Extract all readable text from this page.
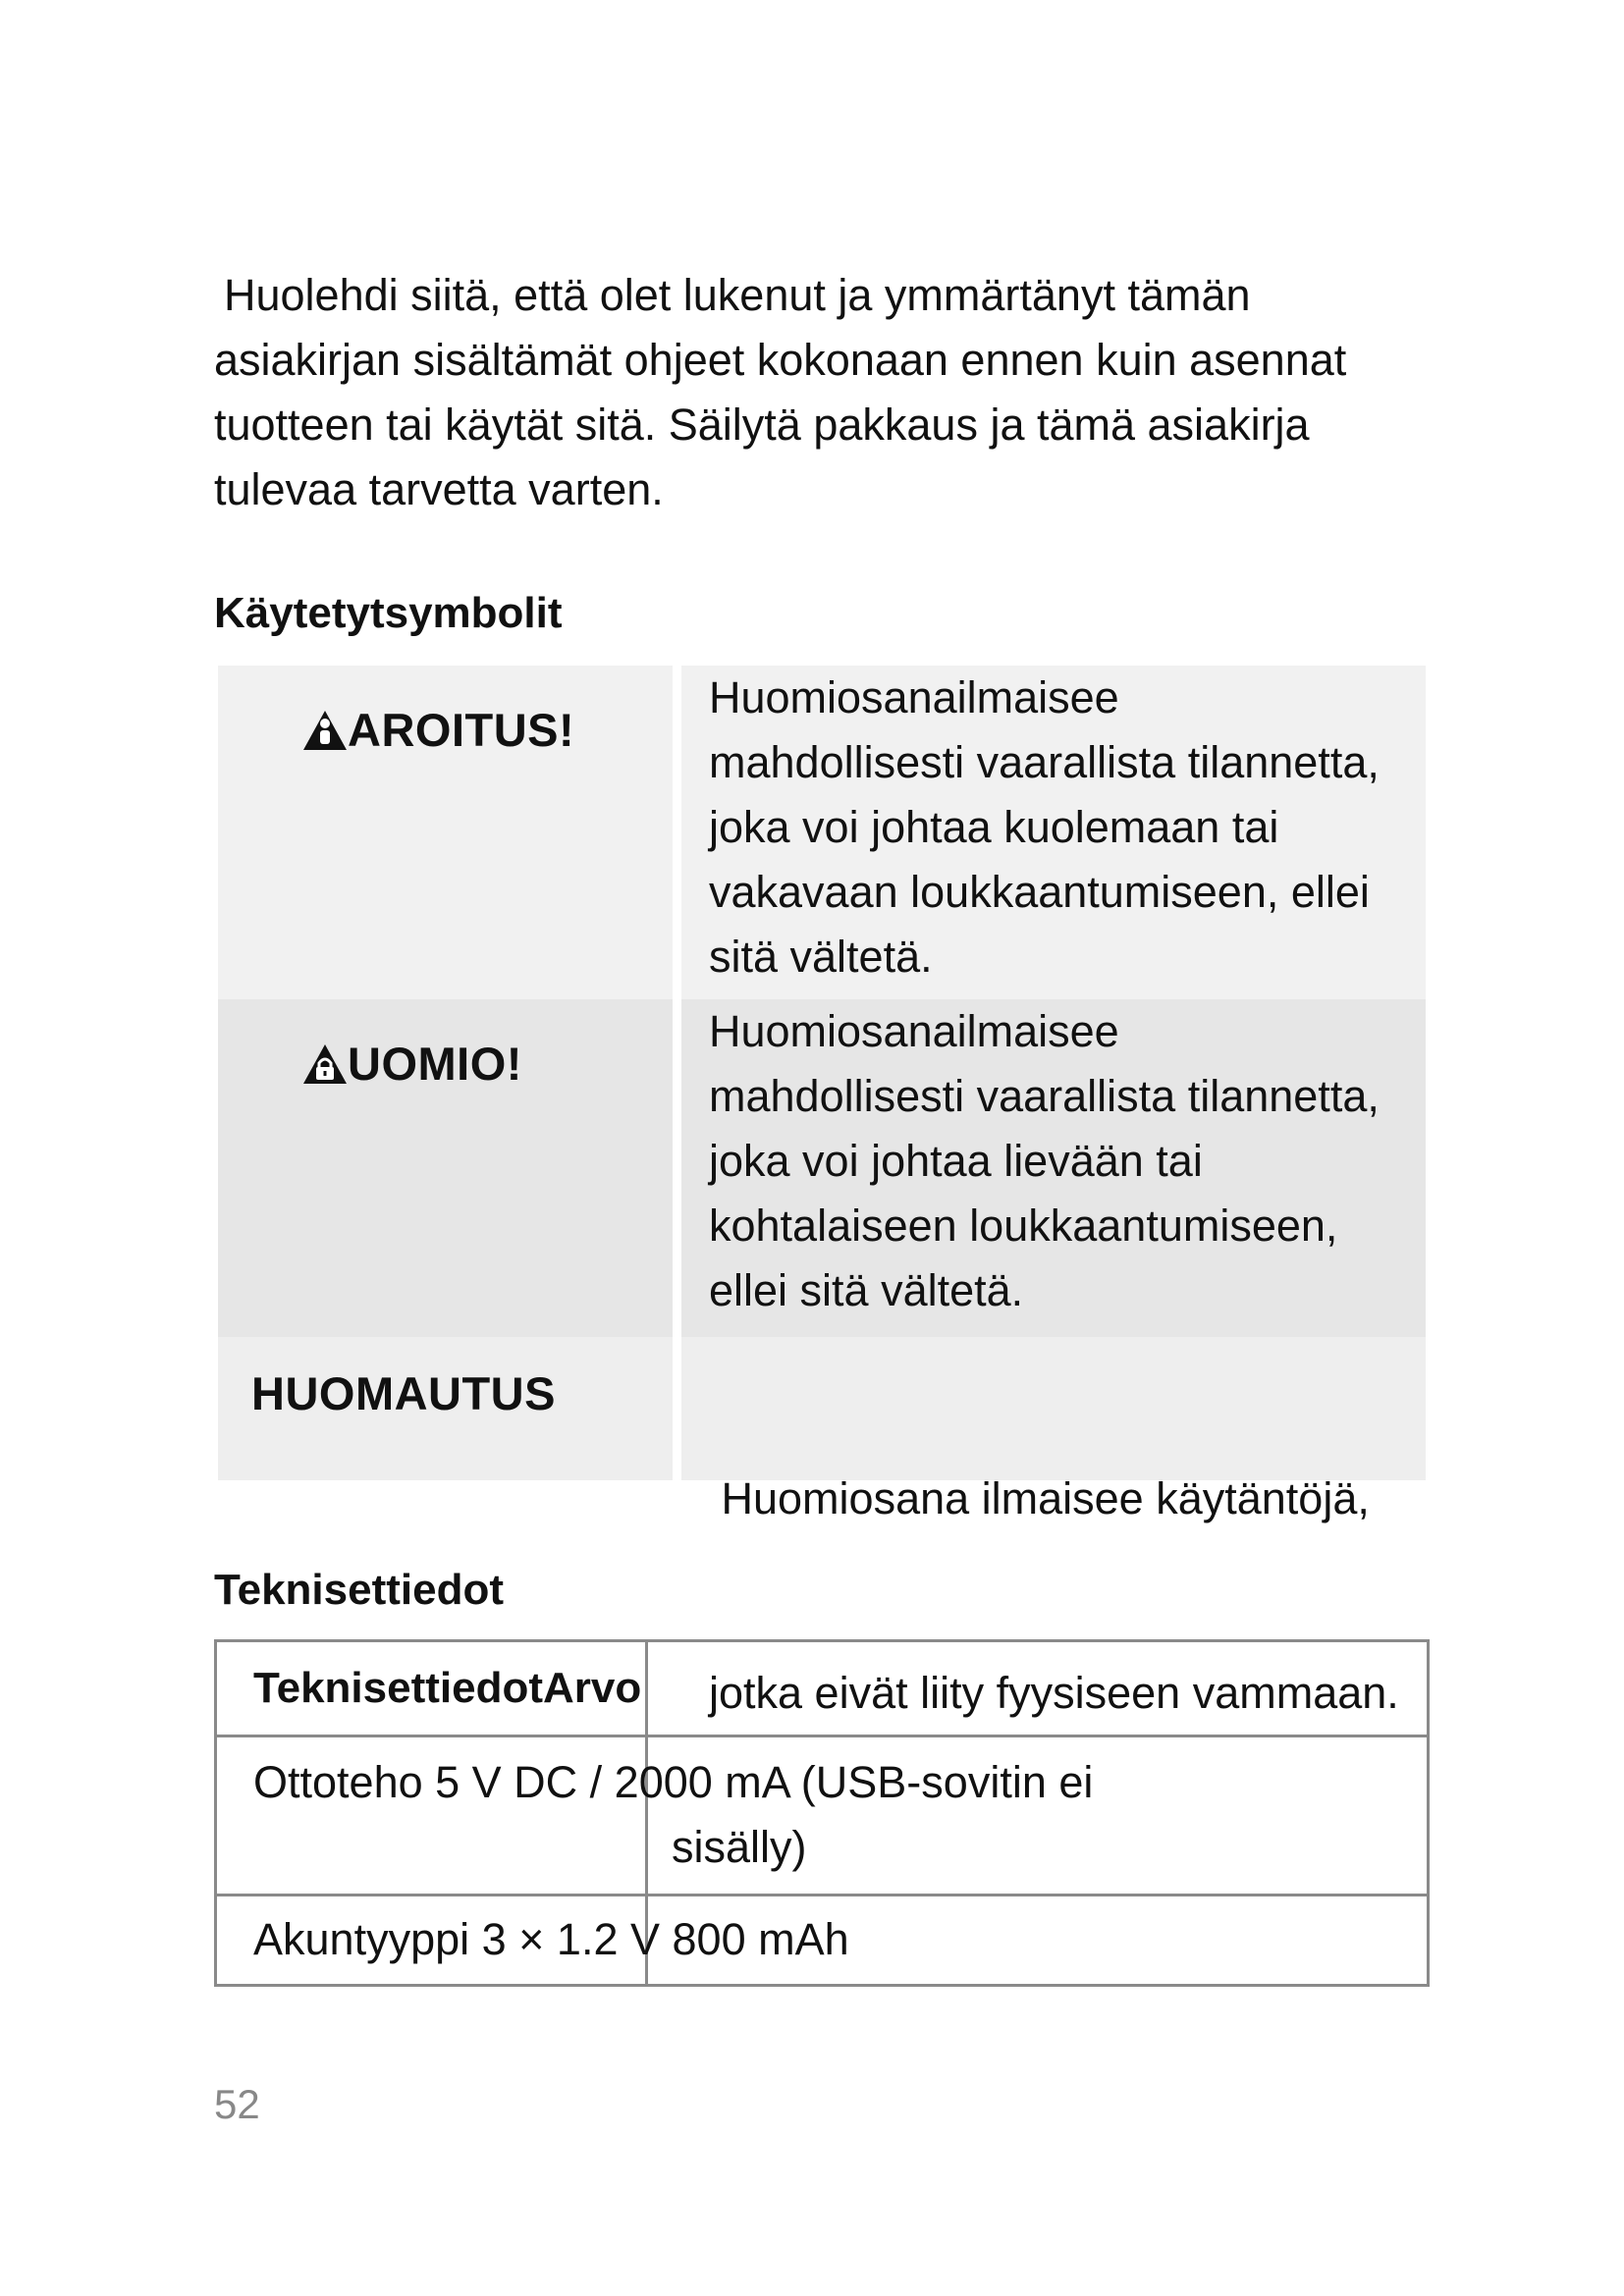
Huolehdi siitä, että olet lukenut ja ymmärtänyt tämän
asiakirjan sisältämät ohjeet kokonaan ennen kuin asennat
tuotteen tai käytät sitä. Säilytä pakkaus ja tämä asiakirja
tulevaa tarvetta varten.
Käytetytsymbolit
AROITUS!

Huomiosanailmaisee
mahdollisesti vaarallista tilannetta,
joka voi johtaa kuolemaan tai
vakavaan loukkaantumiseen, ellei
sitä vältetä.

UOMIO!

Huomiosanailmaisee
mahdollisesti vaarallista tilannetta,
joka voi johtaa lievään tai
kohtalaiseen loukkaantumiseen,
ellei sitä vältetä.

HUOMAUTUS

Huomiosana ilmaisee käytäntöjä,

jotka eivät liity fyysiseen vammaan.

Teknisettiedot
TeknisettiedotArvo
Ottoteho 5 V DC / 2000 mA (USB-sovitin ei
sisälly)
Akuntyyppi 3 × 1.2 V 800 mAh
52
